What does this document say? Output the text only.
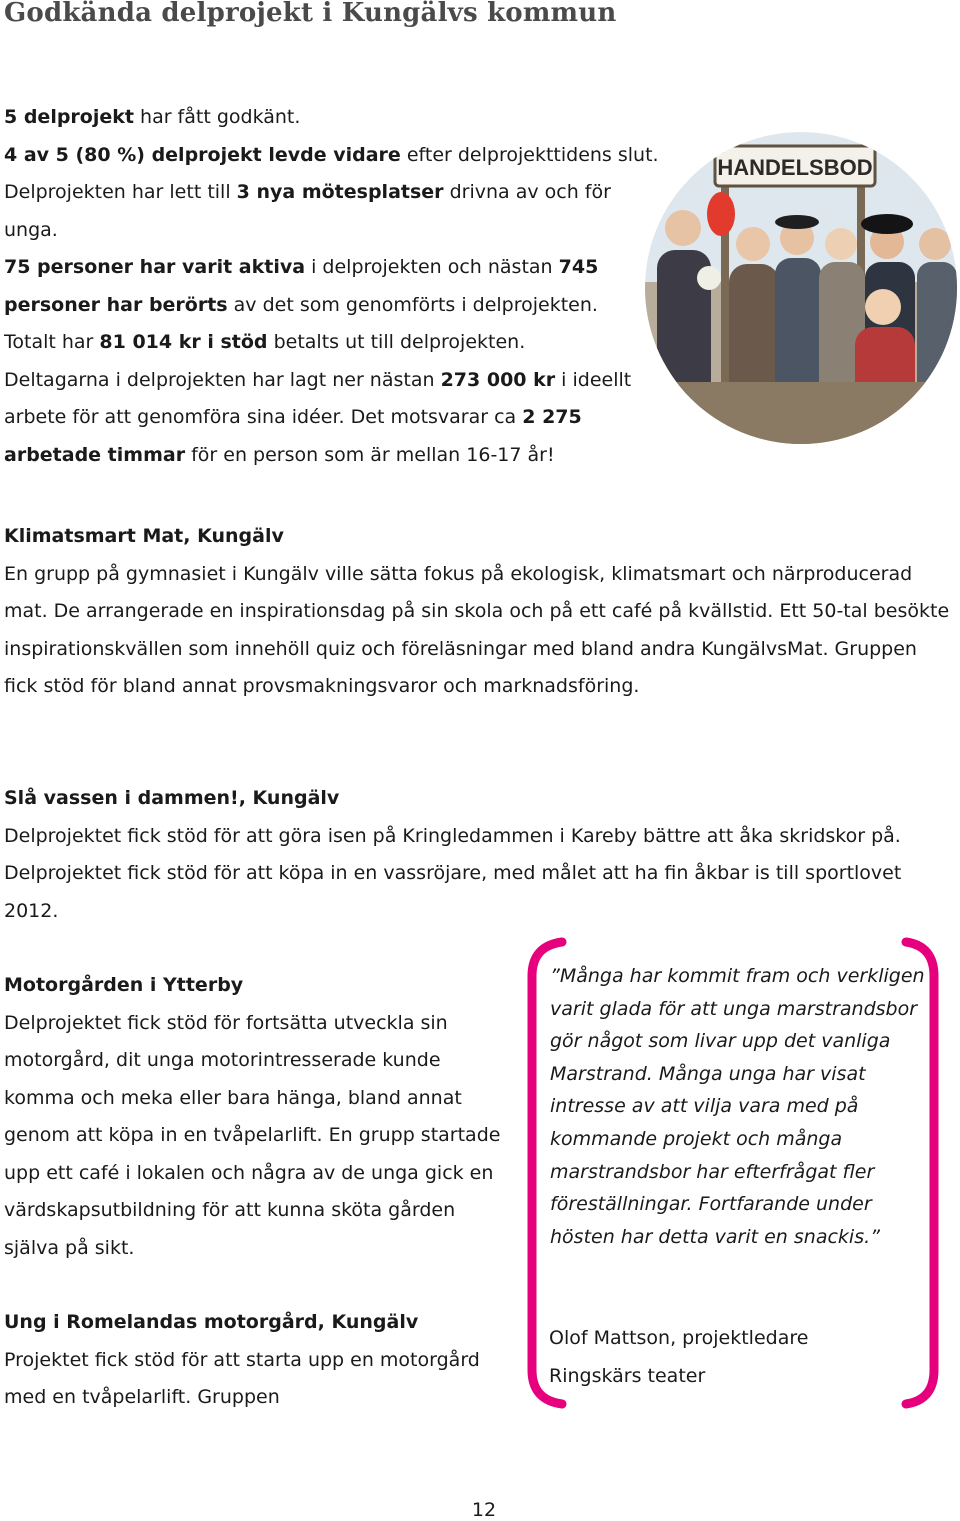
Godkända delprojekt i Kungälvs kommun

5 delprojekt har fått godkänt.
4 av 5 (80 %) delprojekt levde vidare efter delprojekttidens slut.
Delprojekten har lett till 3 nya mötesplatser drivna av och för unga.
75 personer har varit aktiva i delprojekten och nästan 745 personer har berörts av det som genomförts i delprojekten.
Totalt har 81 014 kr i stöd betalts ut till delprojekten.
Deltagarna i delprojekten har lagt ner nästan 273 000 kr i ideellt arbete för att genomföra sina idéer. Det motsvarar ca 2 275 arbetade timmar för en person som är mellan 16-17 år!

HANDELSBOD

Klimatsmart Mat, Kungälv
En grupp på gymnasiet i Kungälv ville sätta fokus på ekologisk, klimatsmart och närproducerad mat. De arrangerade en inspirationsdag på sin skola och på ett café på kvällstid. Ett 50-tal besökte inspirationskvällen som innehöll quiz och föreläsningar med bland andra KungälvsMat. Gruppen fick stöd för bland annat provsmakningsvaror och marknadsföring.

Slå vassen i dammen!, Kungälv
Delprojektet fick stöd för att göra isen på Kringledammen i Kareby bättre att åka skridskor på. Delprojektet fick stöd för att köpa in en vassröjare, med målet att ha fin åkbar is till sportlovet 2012.

Motorgården i Ytterby
Delprojektet fick stöd för fortsätta utveckla sin motorgård, dit unga motorintresserade kunde komma och meka eller bara hänga, bland annat genom att köpa in en tvåpelarlift. En grupp startade upp ett café i lokalen och några av de unga gick en värdskapsutbildning för att kunna sköta gården själva på sikt.

Ung i Romelandas motorgård, Kungälv
Projektet fick stöd för att starta upp en motorgård med en tvåpelarlift. Gruppen

”Många har kommit fram och verkligen varit glada för att unga marstrandsbor gör något som livar upp det vanliga Marstrand. Många unga har visat intresse av att vilja vara med på kommande projekt och många marstrandsbor har efterfrågat fler föreställningar. Fortfarande under hösten har detta varit en snackis.”

Olof Mattson, projektledare
Ringskärs teater

12
